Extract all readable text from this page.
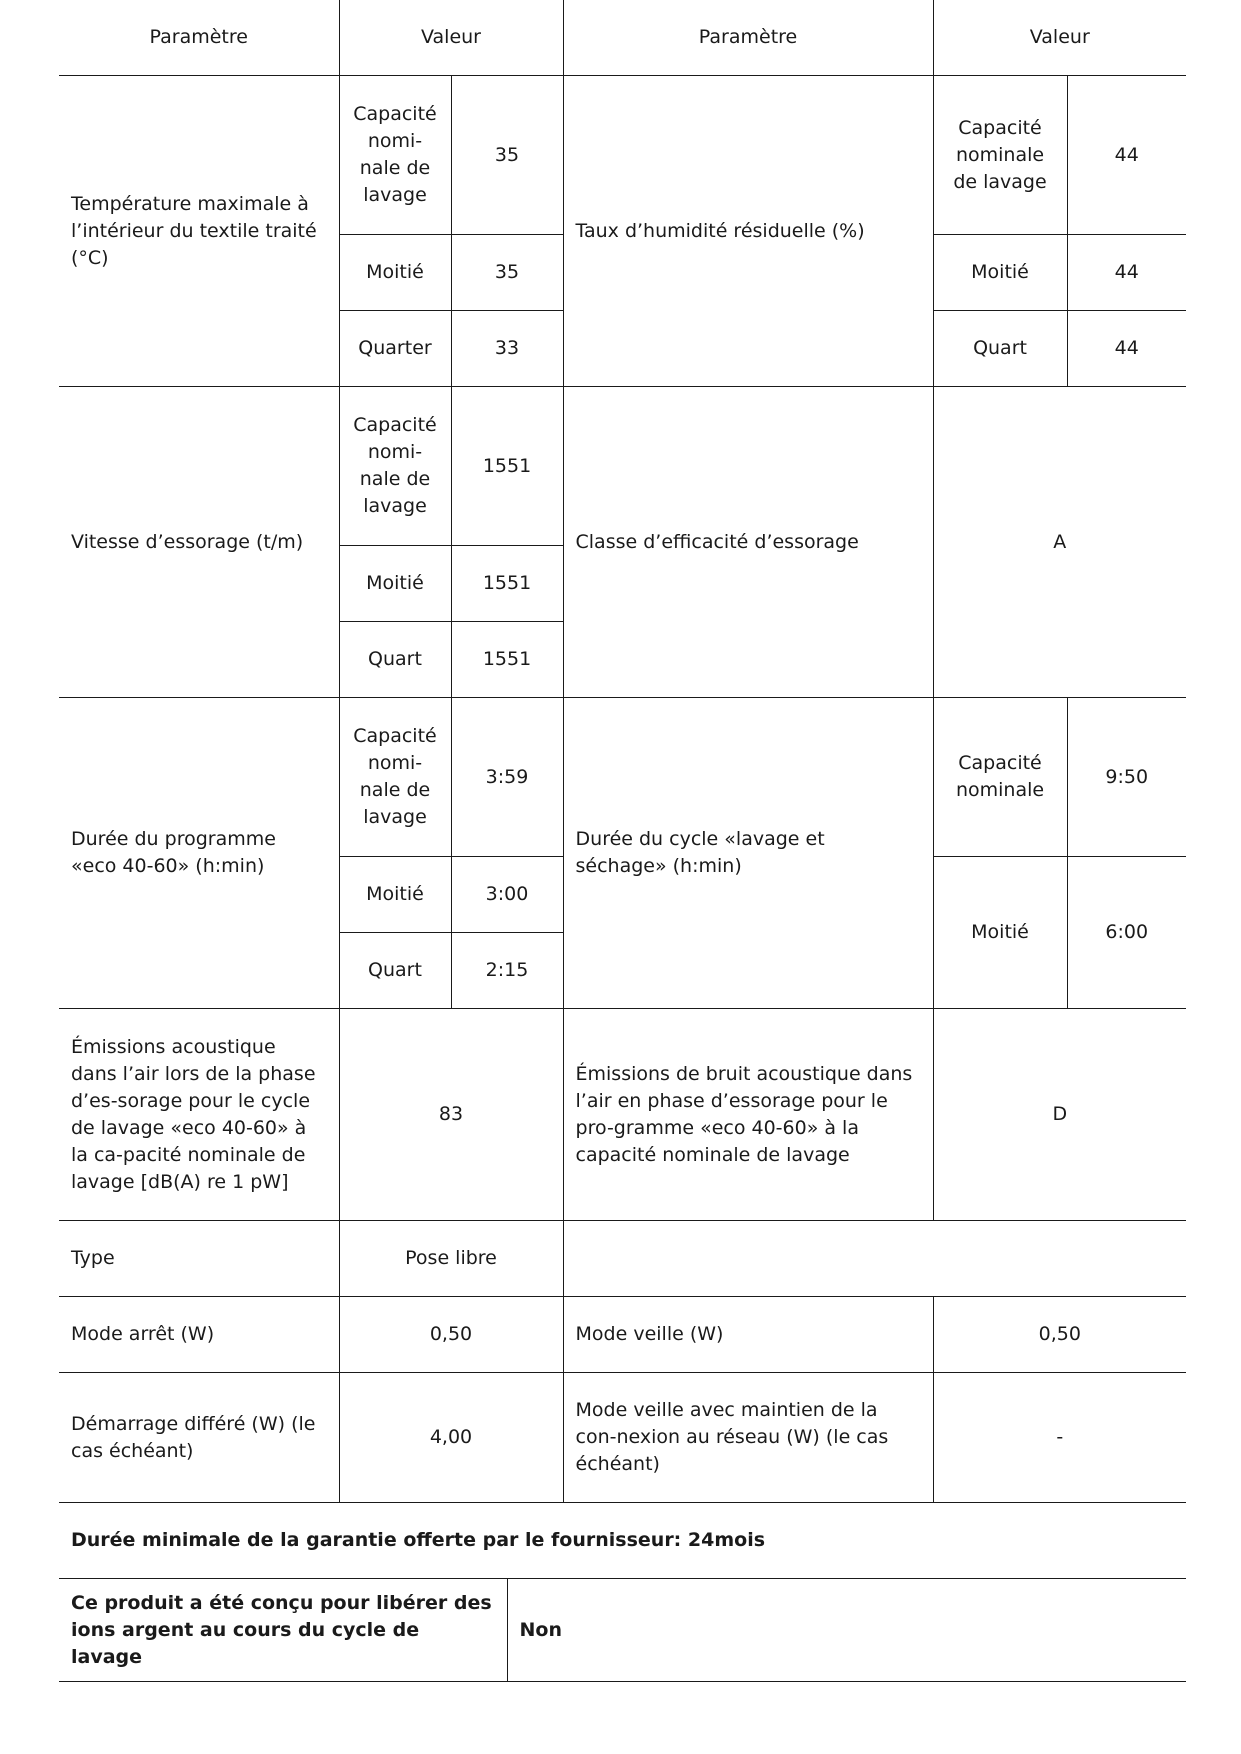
Paramètre	Valeur			Paramètre	Valeur	
Température maximale à l’intérieur du textile traité (°C)	Capacité nomi-nale de lavage	35		Taux d’humidité résiduelle (%)	Capacité nominale de lavage	44
	Moitié	35			Moitié	44
	Quarter	33			Quart	44
Vitesse d’essorage (t/m)	Capacité nomi-nale de lavage	1551		Classe d’efficacité d’essorage	A	
	Moitié	1551				
	Quart	1551				
Durée du programme «eco 40-60» (h:min)	Capacité nomi-nale de lavage	3:59		Durée du cycle «lavage et séchage» (h:min)	Capacité nominale	9:50
	Moitié	3:00			Moitié	6:00
	Quart	2:15				
Émissions acoustique dans l’air lors de la phase d’es-sorage pour le cycle de lavage «eco 40-60» à la ca-pacité nominale de lavage [dB(A) re 1 pW]	83			Émissions de bruit acoustique dans l’air en phase d’essorage pour le pro-gramme «eco 40-60» à la capacité nominale de lavage	D	
Type	Pose libre					
Mode arrêt (W)	0,50			Mode veille (W)	0,50	
Démarrage différé (W) (le cas échéant)	4,00			Mode veille avec maintien de la con-nexion au réseau (W) (le cas échéant)	-	
Durée minimale de la garantie offerte par le fournisseur: 24mois						
Ce produit a été conçu pour libérer des ions argent au cours du cycle de lavage			Non			
